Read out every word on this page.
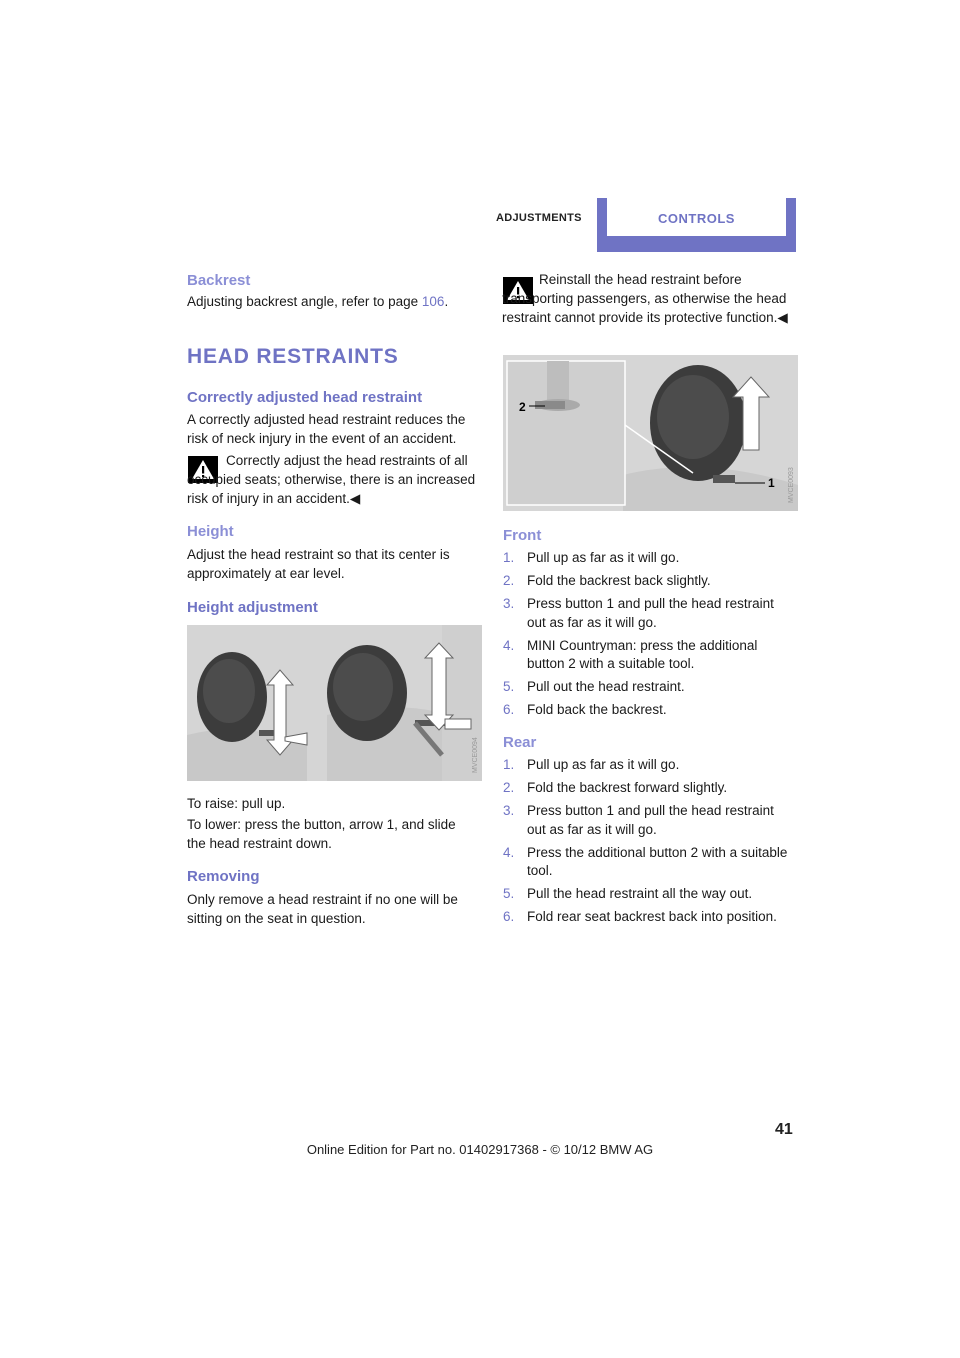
ADJUSTMENTS	CONTROLS
Backrest

Adjusting backrest angle, refer to page 106.

HEAD RESTRAINTS
Correctly adjusted head restraint

A correctly adjusted head restraint reduces the risk of neck injury in the event of an accident.

Correctly adjust the head restraints of all occupied seats; otherwise, there is an increased risk of injury in an accident.◀

Height

Adjust the head restraint so that its center is approximately at ear level.

Height adjustment
MVCE0094

To raise: pull up.

To lower: press the button, arrow 1, and slide the head restraint down.

Removing

Only remove a head restraint if no one will be sitting on the seat in question.

Reinstall the head restraint before transporting passengers, as otherwise the head restraint cannot provide its protective function.◀

2
1 MVCE0093
Front
1. Pull up as far as it will go.
2. Fold the backrest back slightly.
3. Press button 1 and pull the head restraint out as far as it will go.
4. MINI Countryman: press the additional button 2 with a suitable tool.
5. Pull out the head restraint.
6. Fold back the backrest.
Rear
1. Pull up as far as it will go.
2. Fold the backrest forward slightly.
3. Press button 1 and pull the head restraint out as far as it will go.
4. Press the additional button 2 with a suitable tool.
5. Pull the head restraint all the way out.
6. Fold rear seat backrest back into position.
41
Online Edition for Part no. 01402917368 - © 10/12 BMW AG
